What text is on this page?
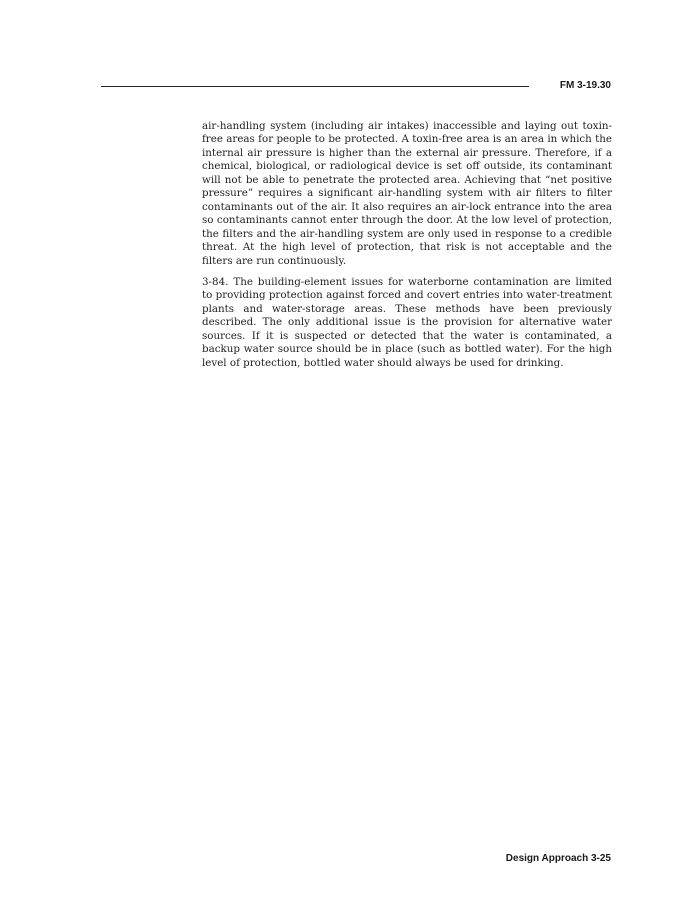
FM 3-19.30

air-handling system (including air intakes) inaccessible and laying out toxin-free areas for people to be protected. A toxin-free area is an area in which the internal air pressure is higher than the external air pressure. Therefore, if a chemical, biological, or radiological device is set off outside, its contaminant will not be able to penetrate the protected area. Achieving that “net positive pressure” requires a significant air-handling system with air filters to filter contaminants out of the air. It also requires an air-lock entrance into the area so contaminants cannot enter through the door. At the low level of protection, the filters and the air-handling system are only used in response to a credible threat. At the high level of protection, that risk is not acceptable and the filters are run continuously.

3-84. The building-element issues for waterborne contamination are limited to providing protection against forced and covert entries into water-treatment plants and water-storage areas. These methods have been previously described. The only additional issue is the provision for alternative water sources. If it is suspected or detected that the water is contaminated, a backup water source should be in place (such as bottled water). For the high level of protection, bottled water should always be used for drinking.

Design Approach 3-25
